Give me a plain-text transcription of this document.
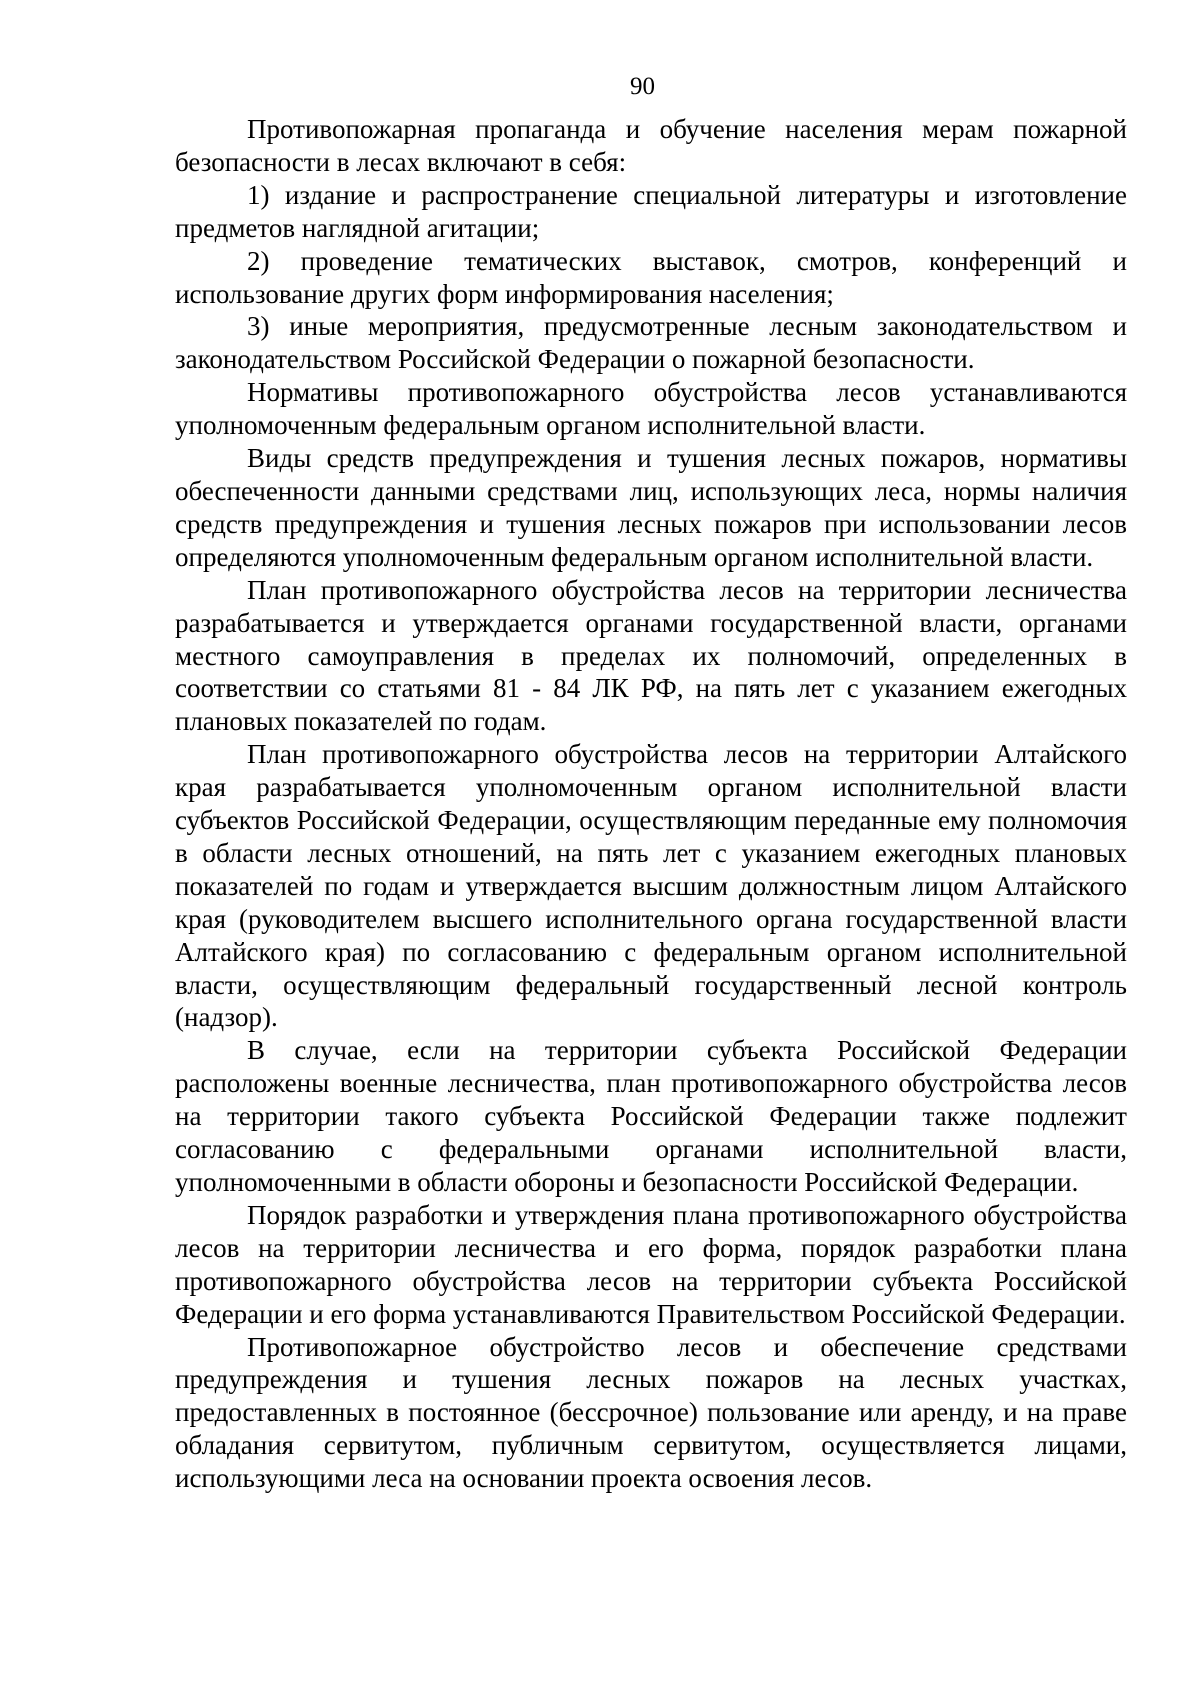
90

Противопожарная пропаганда и обучение населения мерам пожарной безопасности в лесах включают в себя:

1) издание и распространение специальной литературы и изготовление предметов наглядной агитации;

2) проведение тематических выставок, смотров, конференций и использование других форм информирования населения;

3) иные мероприятия, предусмотренные лесным законодательством и законодательством Российской Федерации о пожарной безопасности.

Нормативы противопожарного обустройства лесов устанавливаются уполномоченным федеральным органом исполнительной власти.

Виды средств предупреждения и тушения лесных пожаров, нормативы обеспеченности данными средствами лиц, использующих леса, нормы наличия средств предупреждения и тушения лесных пожаров при использовании лесов определяются уполномоченным федеральным органом исполнительной власти.

План противопожарного обустройства лесов на территории лесничества разрабатывается и утверждается органами государственной власти, органами местного самоуправления в пределах их полномочий, определенных в соответствии со статьями 81 - 84 ЛК РФ, на пять лет с указанием ежегодных плановых показателей по годам.

План противопожарного обустройства лесов на территории Алтайского края разрабатывается уполномоченным органом исполнительной власти субъектов Российской Федерации, осуществляющим переданные ему полномочия в области лесных отношений, на пять лет с указанием ежегодных плановых показателей по годам и утверждается высшим должностным лицом Алтайского края (руководителем высшего исполнительного органа государственной власти Алтайского края) по согласованию с федеральным органом исполнительной власти, осуществляющим федеральный государственный лесной контроль (надзор).

В случае, если на территории субъекта Российской Федерации расположены военные лесничества, план противопожарного обустройства лесов на территории такого субъекта Российской Федерации также подлежит согласованию с федеральными органами исполнительной власти, уполномоченными в области обороны и безопасности Российской Федерации.

Порядок разработки и утверждения плана противопожарного обустройства лесов на территории лесничества и его форма, порядок разработки плана противопожарного обустройства лесов на территории субъекта Российской Федерации и его форма устанавливаются Правительством Российской Федерации.

Противопожарное обустройство лесов и обеспечение средствами предупреждения и тушения лесных пожаров на лесных участках, предоставленных в постоянное (бессрочное) пользование или аренду, и на праве обладания сервитутом, публичным сервитутом, осуществляется лицами, использующими леса на основании проекта освоения лесов.
